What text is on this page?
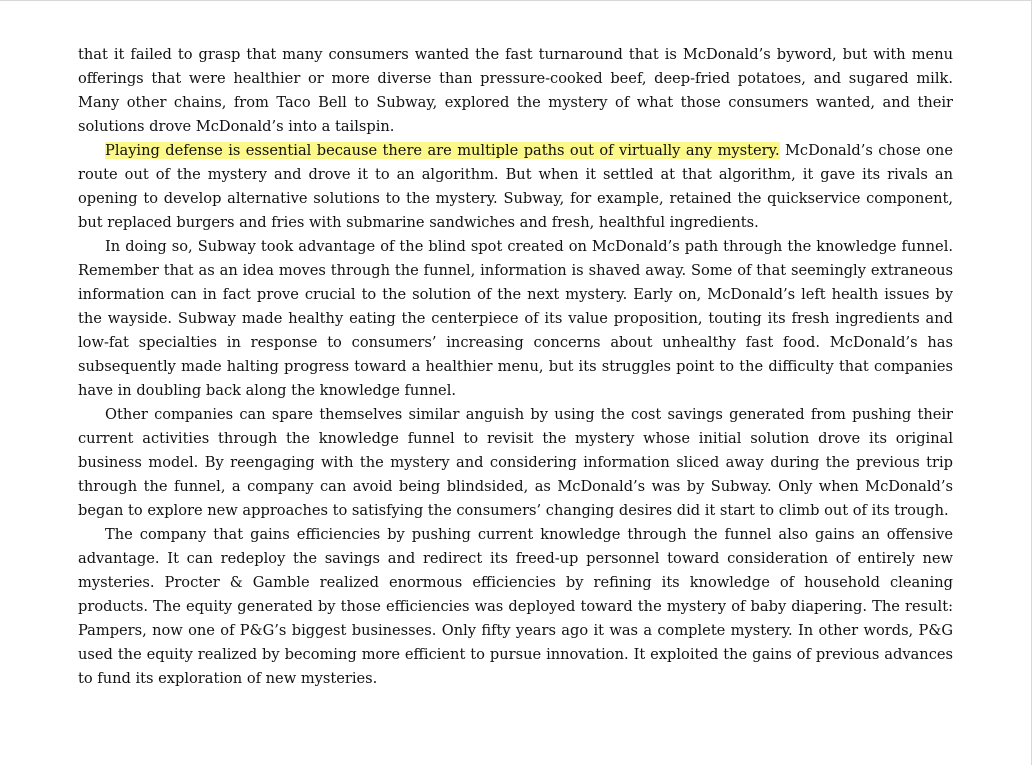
that it failed to grasp that many consumers wanted the fast turnaround that is McDonald’s byword, but with menu offerings that were healthier or more diverse than pressure-cooked beef, deep-fried potatoes, and sugared milk. Many other chains, from Taco Bell to Subway, explored the mystery of what those consumers wanted, and their solutions drove McDonald’s into a tailspin.

Playing defense is essential because there are multiple paths out of virtually any mystery. McDonald’s chose one route out of the mystery and drove it to an algorithm. But when it settled at that algorithm, it gave its rivals an opening to develop alternative solutions to the mystery. Subway, for example, retained the quickservice component, but replaced burgers and fries with submarine sandwiches and fresh, healthful ingredients.

In doing so, Subway took advantage of the blind spot created on McDonald’s path through the knowledge funnel. Remember that as an idea moves through the funnel, information is shaved away. Some of that seemingly extraneous information can in fact prove crucial to the solution of the next mystery. Early on, McDonald’s left health issues by the wayside. Subway made healthy eating the centerpiece of its value proposition, touting its fresh ingredients and low-fat specialties in response to consumers’ increasing concerns about unhealthy fast food. McDonald’s has subsequently made halting progress toward a healthier menu, but its struggles point to the difficulty that companies have in doubling back along the knowledge funnel.

Other companies can spare themselves similar anguish by using the cost savings generated from pushing their current activities through the knowledge funnel to revisit the mystery whose initial solution drove its original business model. By reengaging with the mystery and considering information sliced away during the previous trip through the funnel, a company can avoid being blindsided, as McDonald’s was by Subway. Only when McDonald’s began to explore new approaches to satisfying the consumers’ changing desires did it start to climb out of its trough.

The company that gains efficiencies by pushing current knowledge through the funnel also gains an offensive advantage. It can redeploy the savings and redirect its freed-up personnel toward consideration of entirely new mysteries. Procter & Gamble realized enormous efficiencies by refining its knowledge of household cleaning products. The equity generated by those efficiencies was deployed toward the mystery of baby diapering. The result: Pampers, now one of P&G’s biggest businesses. Only fifty years ago it was a complete mystery. In other words, P&G used the equity realized by becoming more efficient to pursue innovation. It exploited the gains of previous advances to fund its exploration of new mysteries.
